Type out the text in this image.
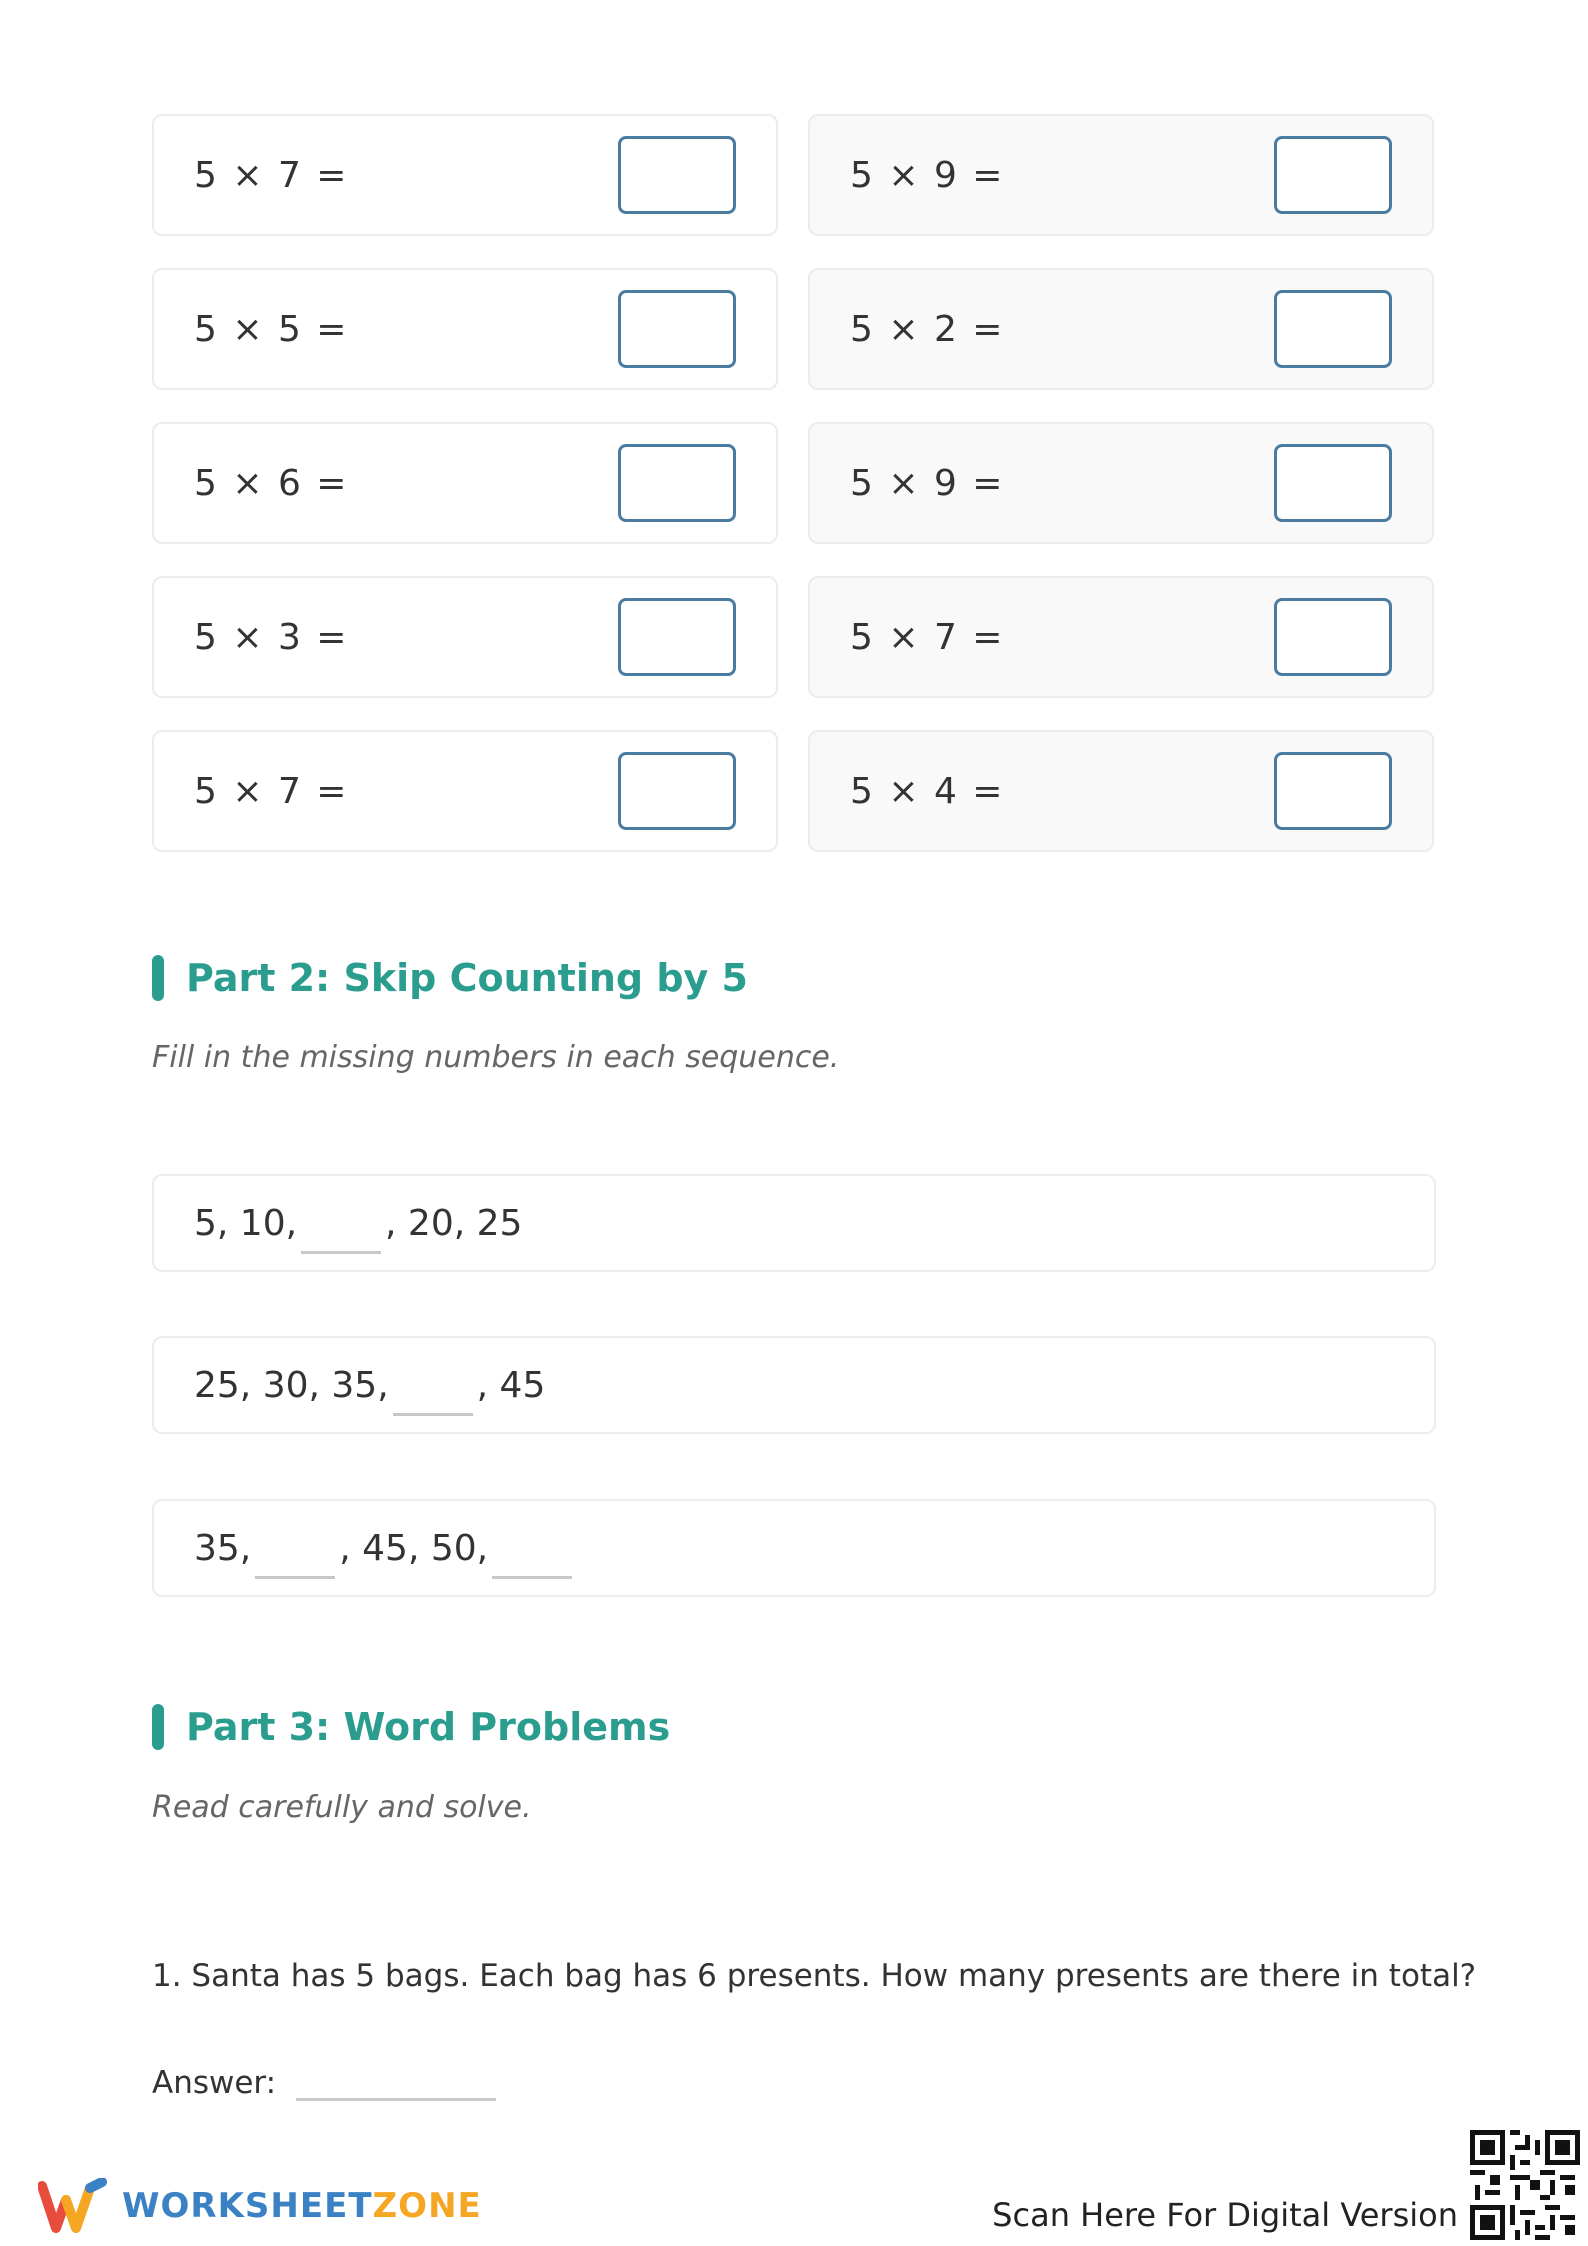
5 × 7 =	5 × 9 =
5 × 5 =	5 × 2 =
5 × 6 =	5 × 9 =
5 × 3 =	5 × 7 =
5 × 7 =	5 × 4 =
Part 2: Skip Counting by 5
Fill in the missing numbers in each sequence.
5, 10, , 20, 25
25, 30, 35, , 45
35, , 45, 50,
Part 3: Word Problems
Read carefully and solve.
1. Santa has 5 bags. Each bag has 6 presents. How many presents are there in total?
Answer:
WORKSHEETZONE	Scan Here For Digital Version
